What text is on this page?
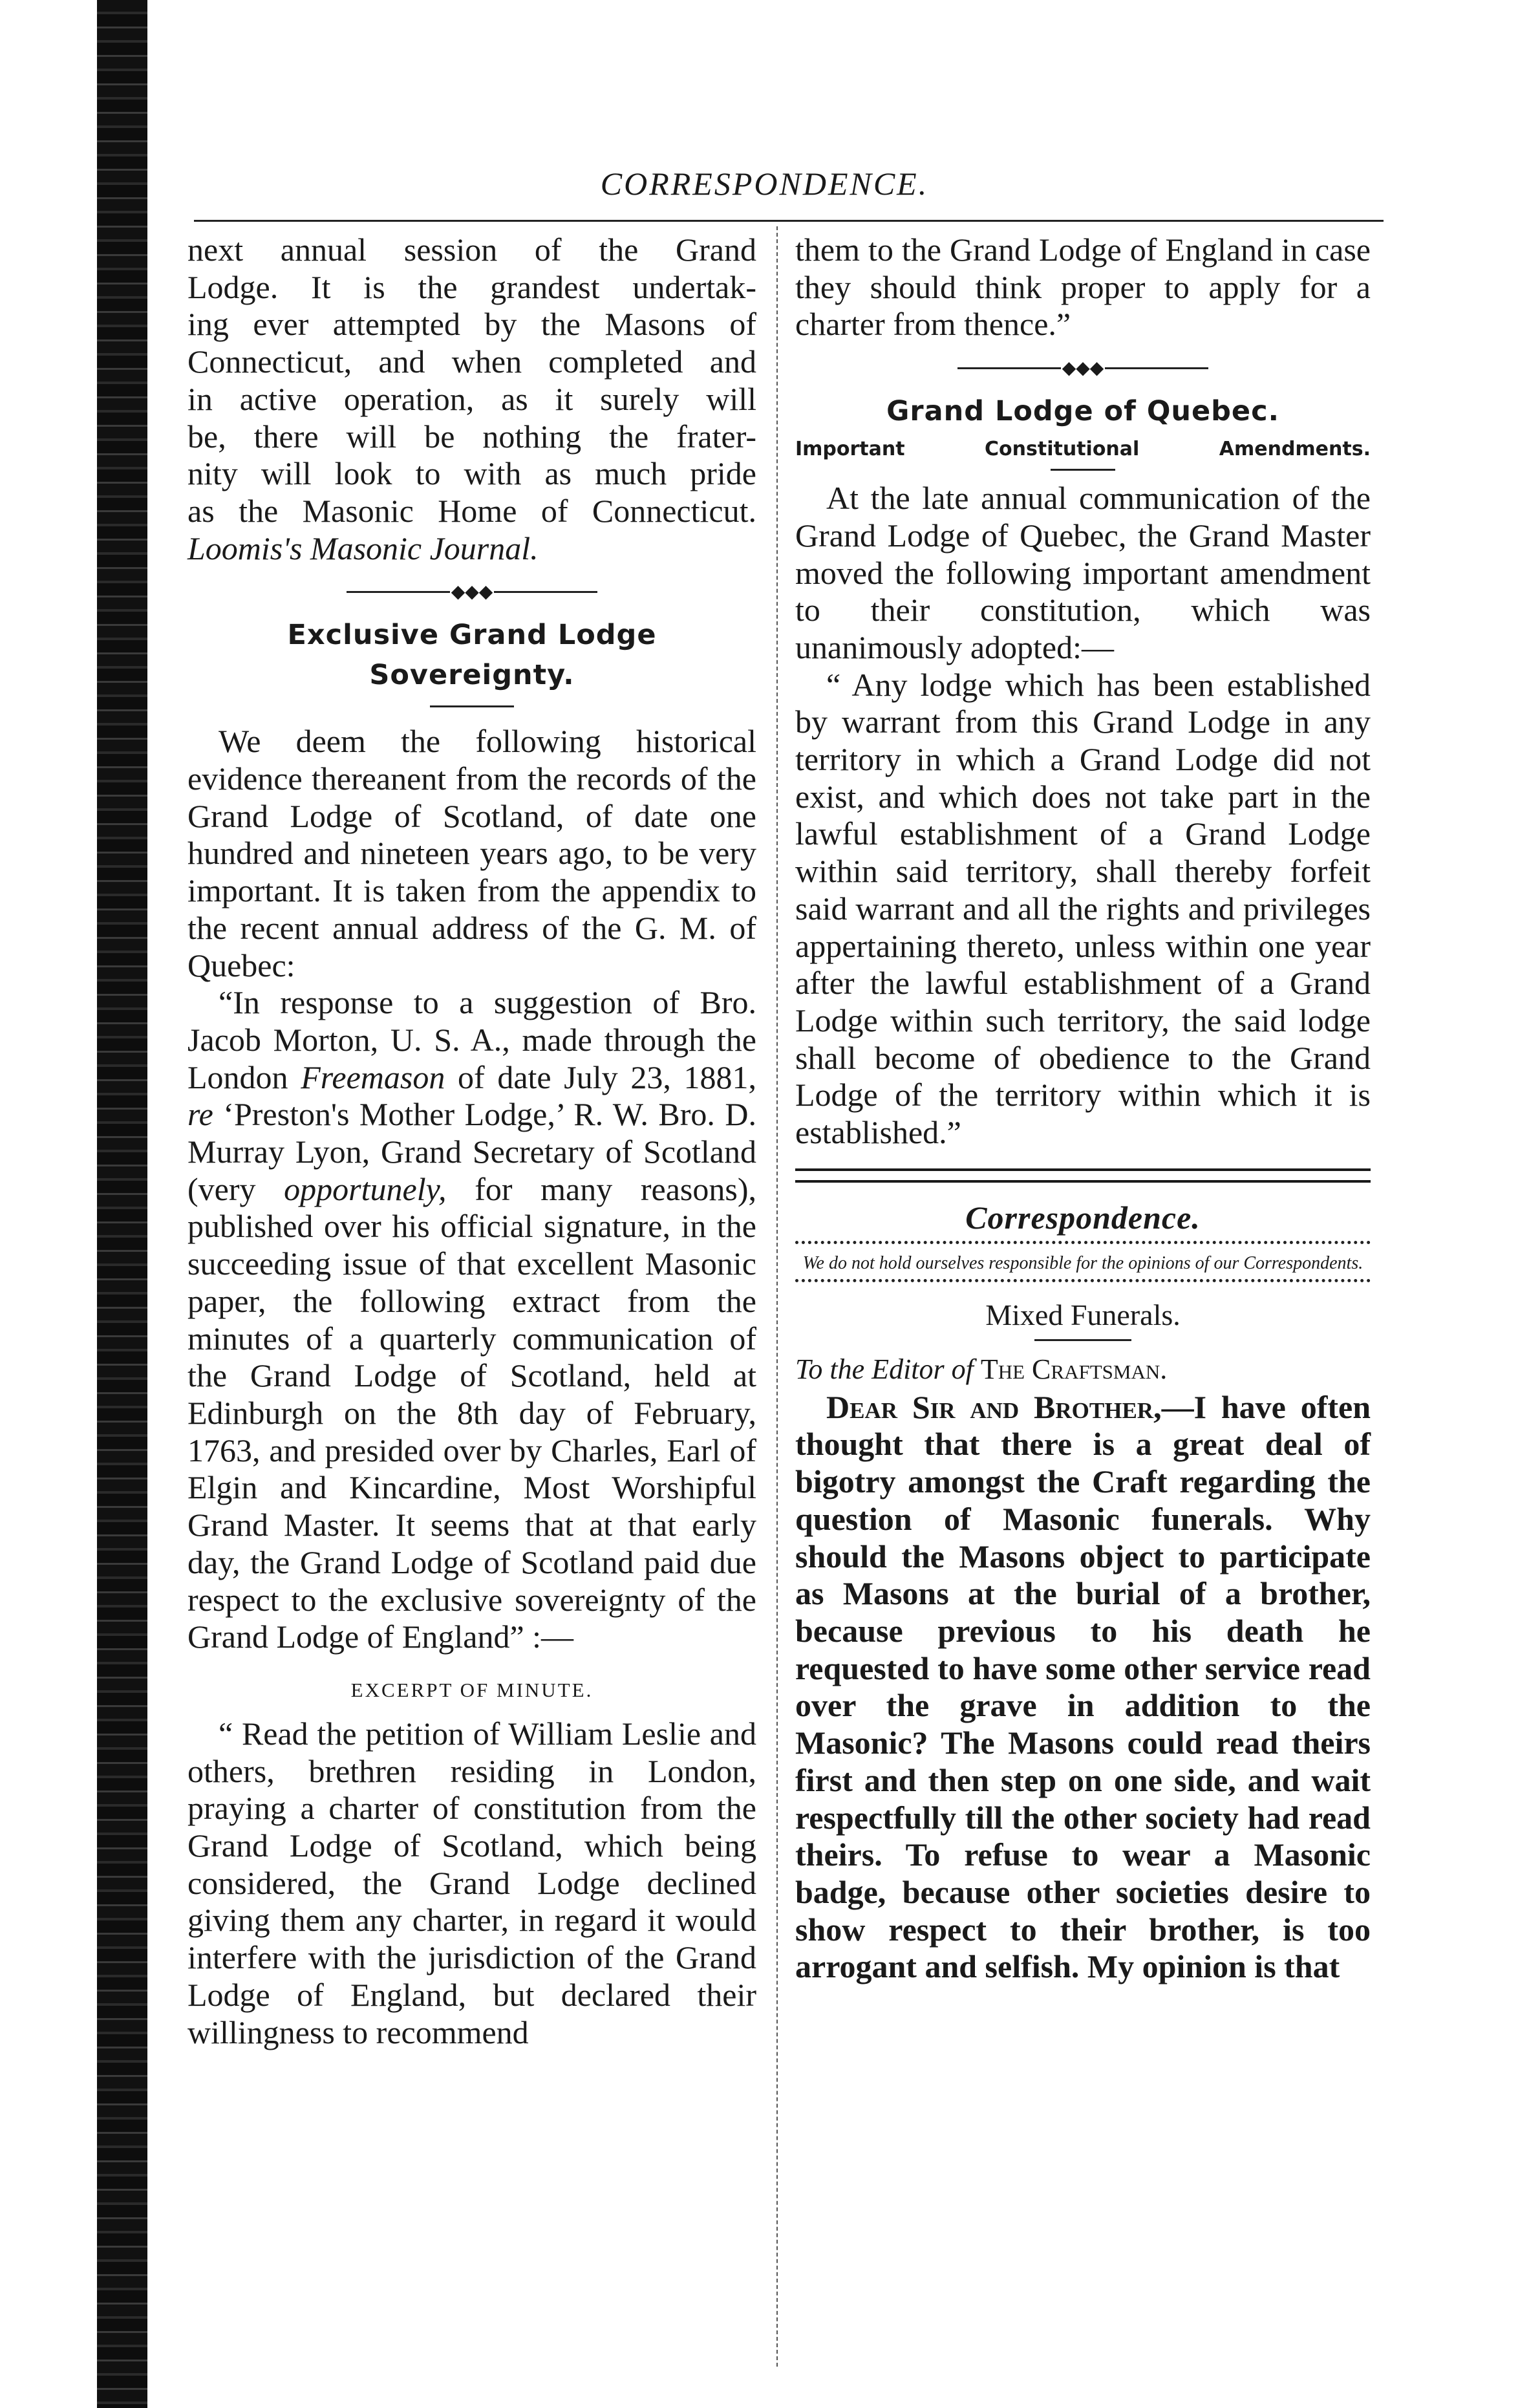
CORRESPONDENCE.

next annual session of the Grand

Lodge. It is the grandest undertak-

ing ever attempted by the Masons of

Connecticut, and when completed and

in active operation, as it surely will

be, there will be nothing the frater-

nity will look to with as much pride

as the Masonic Home of Connecticut.

Loomis's Masonic Journal.

◆◆◆
Exclusive Grand Lodge Sovereignty.

We deem the following historical evidence thereanent from the records of the Grand Lodge of Scotland, of date one hundred and nineteen years ago, to be very important. It is taken from the appendix to the recent annual address of the G. M. of Quebec:

“In response to a suggestion of Bro. Jacob Morton, U. S. A., made through the London Freemason of date July 23, 1881, re ‘Preston's Mother Lodge,’ R. W. Bro. D. Murray Lyon, Grand Secretary of Scotland (very opportunely, for many reasons), published over his official signature, in the succeeding issue of that excellent Masonic paper, the following extract from the minutes of a quarterly communication of the Grand Lodge of Scotland, held at Edinburgh on the 8th day of February, 1763, and presided over by Charles, Earl of Elgin and Kincardine, Most Worshipful Grand Master. It seems that at that early day, the Grand Lodge of Scotland paid due respect to the exclusive sovereignty of the Grand Lodge of England” :—

EXCERPT OF MINUTE.

“ Read the petition of William Leslie and others, brethren residing in London, praying a charter of constitution from the Grand Lodge of Scotland, which being considered, the Grand Lodge declined giving them any charter, in regard it would interfere with the jurisdiction of the Grand Lodge of England, but declared their willingness to recommend

them to the Grand Lodge of England in case they should think proper to apply for a charter from thence.”

◆◆◆
Grand Lodge of Quebec.
Important	Constitutional	Amendments.

At the late annual communication of the Grand Lodge of Quebec, the Grand Master moved the following important amendment to their constitution, which was unanimously adopted:—

“ Any lodge which has been established by warrant from this Grand Lodge in any territory in which a Grand Lodge did not exist, and which does not take part in the lawful establishment of a Grand Lodge within said territory, shall thereby forfeit said warrant and all the rights and privileges appertaining thereto, unless within one year after the lawful establishment of a Grand Lodge within such territory, the said lodge shall become of obedience to the Grand Lodge of the territory within which it is established.”

Correspondence.
We do not hold ourselves responsible for the opinions of our Correspondents.
Mixed Funerals.
To the Editor of The Craftsman.

Dear Sir and Brother,—I have often thought that there is a great deal of bigotry amongst the Craft regarding the question of Masonic funerals. Why should the Masons object to participate as Masons at the burial of a brother, because previous to his death he requested to have some other service read over the grave in addition to the Masonic? The Masons could read theirs first and then step on one side, and wait respectfully till the other society had read theirs. To refuse to wear a Masonic badge, because other societies desire to show respect to their brother, is too arrogant and selfish. My opinion is that
